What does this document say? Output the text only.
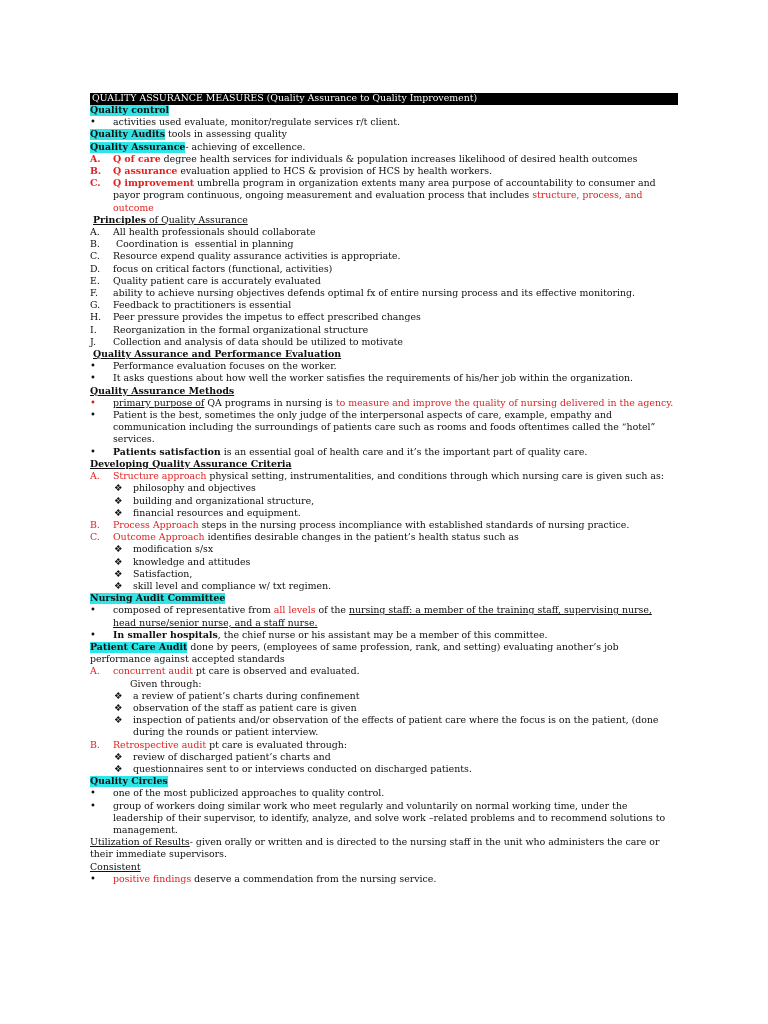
QUALITY ASSURANCE MEASURES (Quality Assurance to Quality Improvement)
Quality control
•	activities used evaluate, monitor/regulate services r/t client.
Quality Audits tools in assessing quality
Quality Assurance- achieving of excellence.
A.	Q of care degree health services for individuals & population increases likelihood of desired health outcomes
B.	Q assurance evaluation applied to HCS & provision of HCS by health workers.
C.	Q improvement umbrella program in organization extents many area purpose of accountability to consumer and payor program continuous, ongoing measurement and evaluation process that includes structure, process, and outcome
Principles of Quality Assurance
A.	All health professionals should collaborate
B.	Coordination is  essential in planning
C.	Resource expend quality assurance activities is appropriate.
D.	focus on critical factors (functional, activities)
E.	Quality patient care is accurately evaluated
F.	ability to achieve nursing objectives defends optimal fx of entire nursing process and its effective monitoring.
G.	Feedback to practitioners is essential
H.	Peer pressure provides the impetus to effect prescribed changes
I.	Reorganization in the formal organizational structure
J.	Collection and analysis of data should be utilized to motivate
Quality Assurance and Performance Evaluation
•	Performance evaluation focuses on the worker.
•	It asks questions about how well the worker satisfies the requirements of his/her job within the organization.
Quality Assurance Methods
•	primary purpose of QA programs in nursing is to measure and improve the quality of nursing delivered in the agency.
•	Patient is the best, sometimes the only judge of the interpersonal aspects of care, example, empathy and communication including the surroundings of patients care such as rooms and foods oftentimes called the “hotel” services.
•	Patients satisfaction is an essential goal of health care and it’s the important part of quality care.
Developing Quality Assurance Criteria
A.	Structure approach physical setting, instrumentalities, and conditions through which nursing care is given such as:
❖	philosophy and objectives
❖	building and organizational structure,
❖	financial resources and equipment.
B.	Process Approach steps in the nursing process incompliance with established standards of nursing practice.
C.	Outcome Approach identifies desirable changes in the patient’s health status such as
❖	modification s/sx
❖	knowledge and attitudes
❖	Satisfaction,
❖	skill level and compliance w/ txt regimen.
Nursing Audit Committee
•	composed of representative from all levels of the nursing staff: a member of the training staff, supervising nurse, head nurse/senior nurse, and a staff nurse.
•	In smaller hospitals, the chief nurse or his assistant may be a member of this committee.
Patient Care Audit done by peers, (employees of same profession, rank, and setting) evaluating another’s job performance against accepted standards
A.	concurrent audit pt care is observed and evaluated.
Given through:
❖	a review of patient’s charts during confinement
❖	observation of the staff as patient care is given
❖	inspection of patients and/or observation of the effects of patient care where the focus is on the patient, (done during the rounds or patient interview.
B.	Retrospective audit pt care is evaluated through:
❖	review of discharged patient’s charts and
❖	questionnaires sent to or interviews conducted on discharged patients.
Quality Circles
•	one of the most publicized approaches to quality control.
•	group of workers doing similar work who meet regularly and voluntarily on normal working time, under the leadership of their supervisor, to identify, analyze, and solve work –related problems and to recommend solutions to management.
Utilization of Results- given orally or written and is directed to the nursing staff in the unit who administers the care or their immediate supervisors.
Consistent
•	positive findings deserve a commendation from the nursing service.
